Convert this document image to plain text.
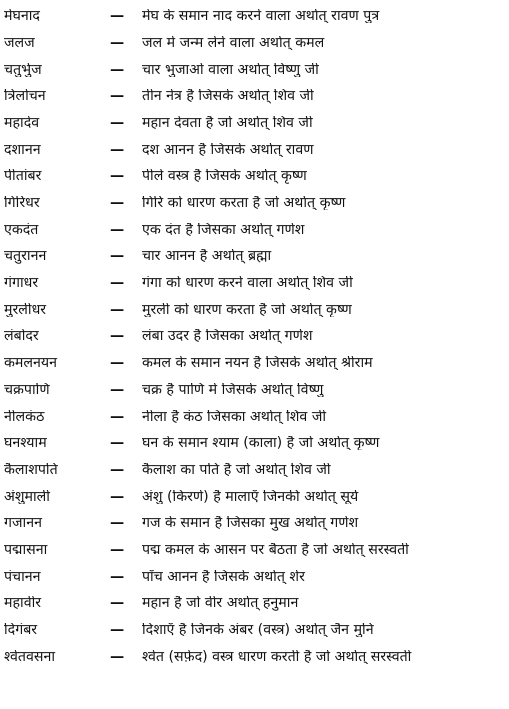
मेघनाद	—	मेघ के समान नाद करने वाला अर्थात् रावण पुत्र
जलज	—	जल में जन्म लेने वाला अर्थात् कमल
चतुर्भुज	—	चार भुजाओं वाला अर्थात् विष्णु जी
त्रिलोचन	—	तीन नेत्र हैं जिसके अर्थात् शिव जी
महादेव	—	महान देवता है जो अर्थात् शिव जी
दशानन	—	दश आनन हैं जिसके अर्थात् रावण
पीतांबर	—	पीले वस्त्र हैं जिसके अर्थात् कृष्ण
गिरिधर	—	गिरि को धारण करता है जो अर्थात् कृष्ण
एकदंत	—	एक दंत है जिसका अर्थात् गणेश
चतुरानन	—	चार आनन हैं अर्थात् ब्रह्मा
गंगाधर	—	गंगा को धारण करने वाला अर्थात् शिव जी
मुरलीधर	—	मुरली को धारण करता है जो अर्थात् कृष्ण
लंबोदर	—	लंबा उदर है जिसका अर्थात् गणेश
कमलनयन	—	कमल के समान नयन है जिसके अर्थात् श्रीराम
चक्रपाणि	—	चक्र है पाणि में जिसके अर्थात् विष्णु
नीलकंठ	—	नीला है कंठ जिसका अर्थात् शिव जी
घनश्याम	—	घन के समान श्याम (काला) है जो अर्थात् कृष्ण
कैलाशपति	—	कैलाश का पति है जो अर्थात् शिव जी
अंशुमाली	—	अंशु (किरणें) हैं मालाएँ जिनकी अर्थात् सूर्य
गजानन	—	गज के समान है जिसका मुख अर्थात् गणेश
पद्मासना	—	पद्म कमल के आसन पर बैठता है जो अर्थात् सरस्वती
पंचानन	—	पाँच आनन है जिसके अर्थात् शेर
महावीर	—	महान है जो वीर अर्थात् हनुमान
दिगंबर	—	दिशाएँ हैं जिनके अंबर (वस्त्र) अर्थात् जैन मुनि
श्वेतवसना	—	श्वेत (सफ़ेद) वस्त्र धारण करती हैं जो अर्थात् सरस्वती
